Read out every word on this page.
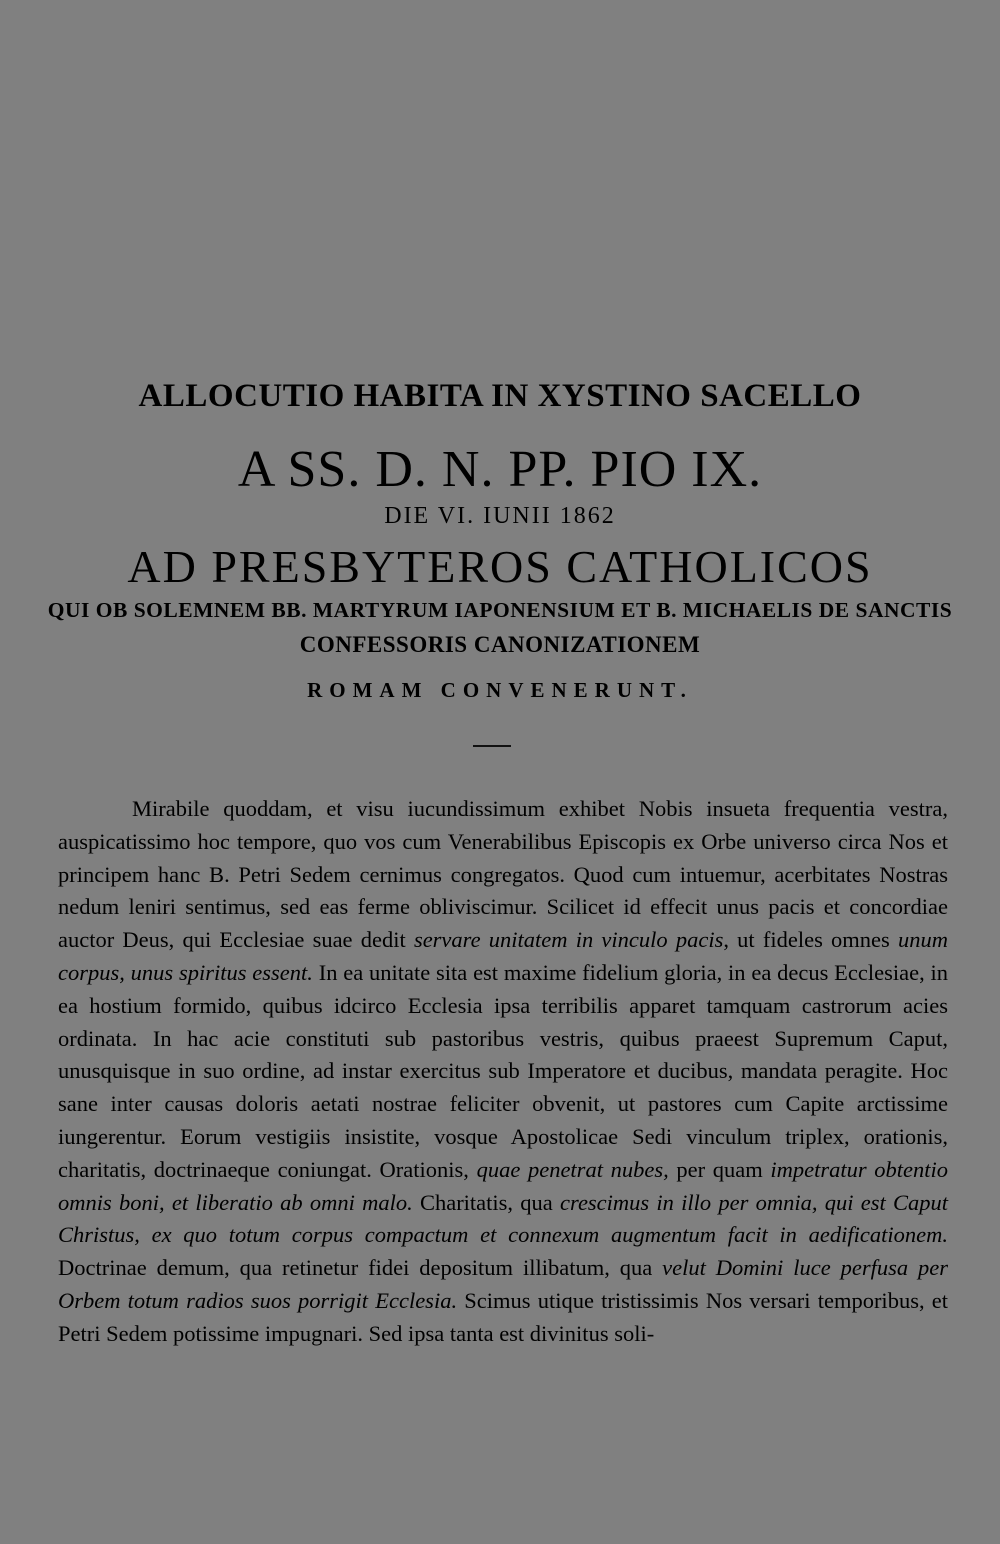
ALLOCUTIO HABITA IN XYSTINO SACELLO
A SS. D. N. PP. PIO IX.
DIE VI. IUNII 1862
AD PRESBYTEROS CATHOLICOS
QUI OB SOLEMNEM BB. MARTYRUM IAPONENSIUM ET B. MICHAELIS DE SANCTIS
CONFESSORIS CANONIZATIONEM
ROMAM CONVENERUNT.

Mirabile quoddam, et visu iucundissimum exhibet Nobis insueta frequentia vestra, auspicatissimo hoc tempore, quo vos cum Venerabilibus Episcopis ex Orbe universo circa Nos et principem hanc B. Petri Sedem cernimus congregatos. Quod cum intuemur, acerbitates Nostras nedum leniri sentimus, sed eas ferme obliviscimur. Scilicet id effecit unus pacis et concordiae auctor Deus, qui Ecclesiae suae dedit servare unitatem in vinculo pacis, ut fideles omnes unum corpus, unus spiritus essent. In ea unitate sita est maxime fidelium gloria, in ea decus Ecclesiae, in ea hostium formido, quibus idcirco Ecclesia ipsa terribilis apparet tamquam castrorum acies ordinata. In hac acie constituti sub pastoribus vestris, quibus praeest Supremum Caput, unusquisque in suo ordine, ad instar exercitus sub Imperatore et ducibus, mandata peragite. Hoc sane inter causas doloris aetati nostrae feliciter obvenit, ut pastores cum Capite arctissime iungerentur. Eorum vestigiis insistite, vosque Apostolicae Sedi vinculum triplex, orationis, charitatis, doctrinaeque coniungat. Orationis, quae penetrat nubes, per quam impetratur obtentio omnis boni, et liberatio ab omni malo. Charitatis, qua crescimus in illo per omnia, qui est Caput Christus, ex quo totum corpus compactum et connexum augmentum facit in aedificationem. Doctrinae demum, qua retinetur fidei depositum illibatum, qua velut Domini luce perfusa per Orbem totum radios suos porrigit Ecclesia. Scimus utique tristissimis Nos versari temporibus, et Petri Sedem potissime impugnari. Sed ipsa tanta est divinitus soli-
